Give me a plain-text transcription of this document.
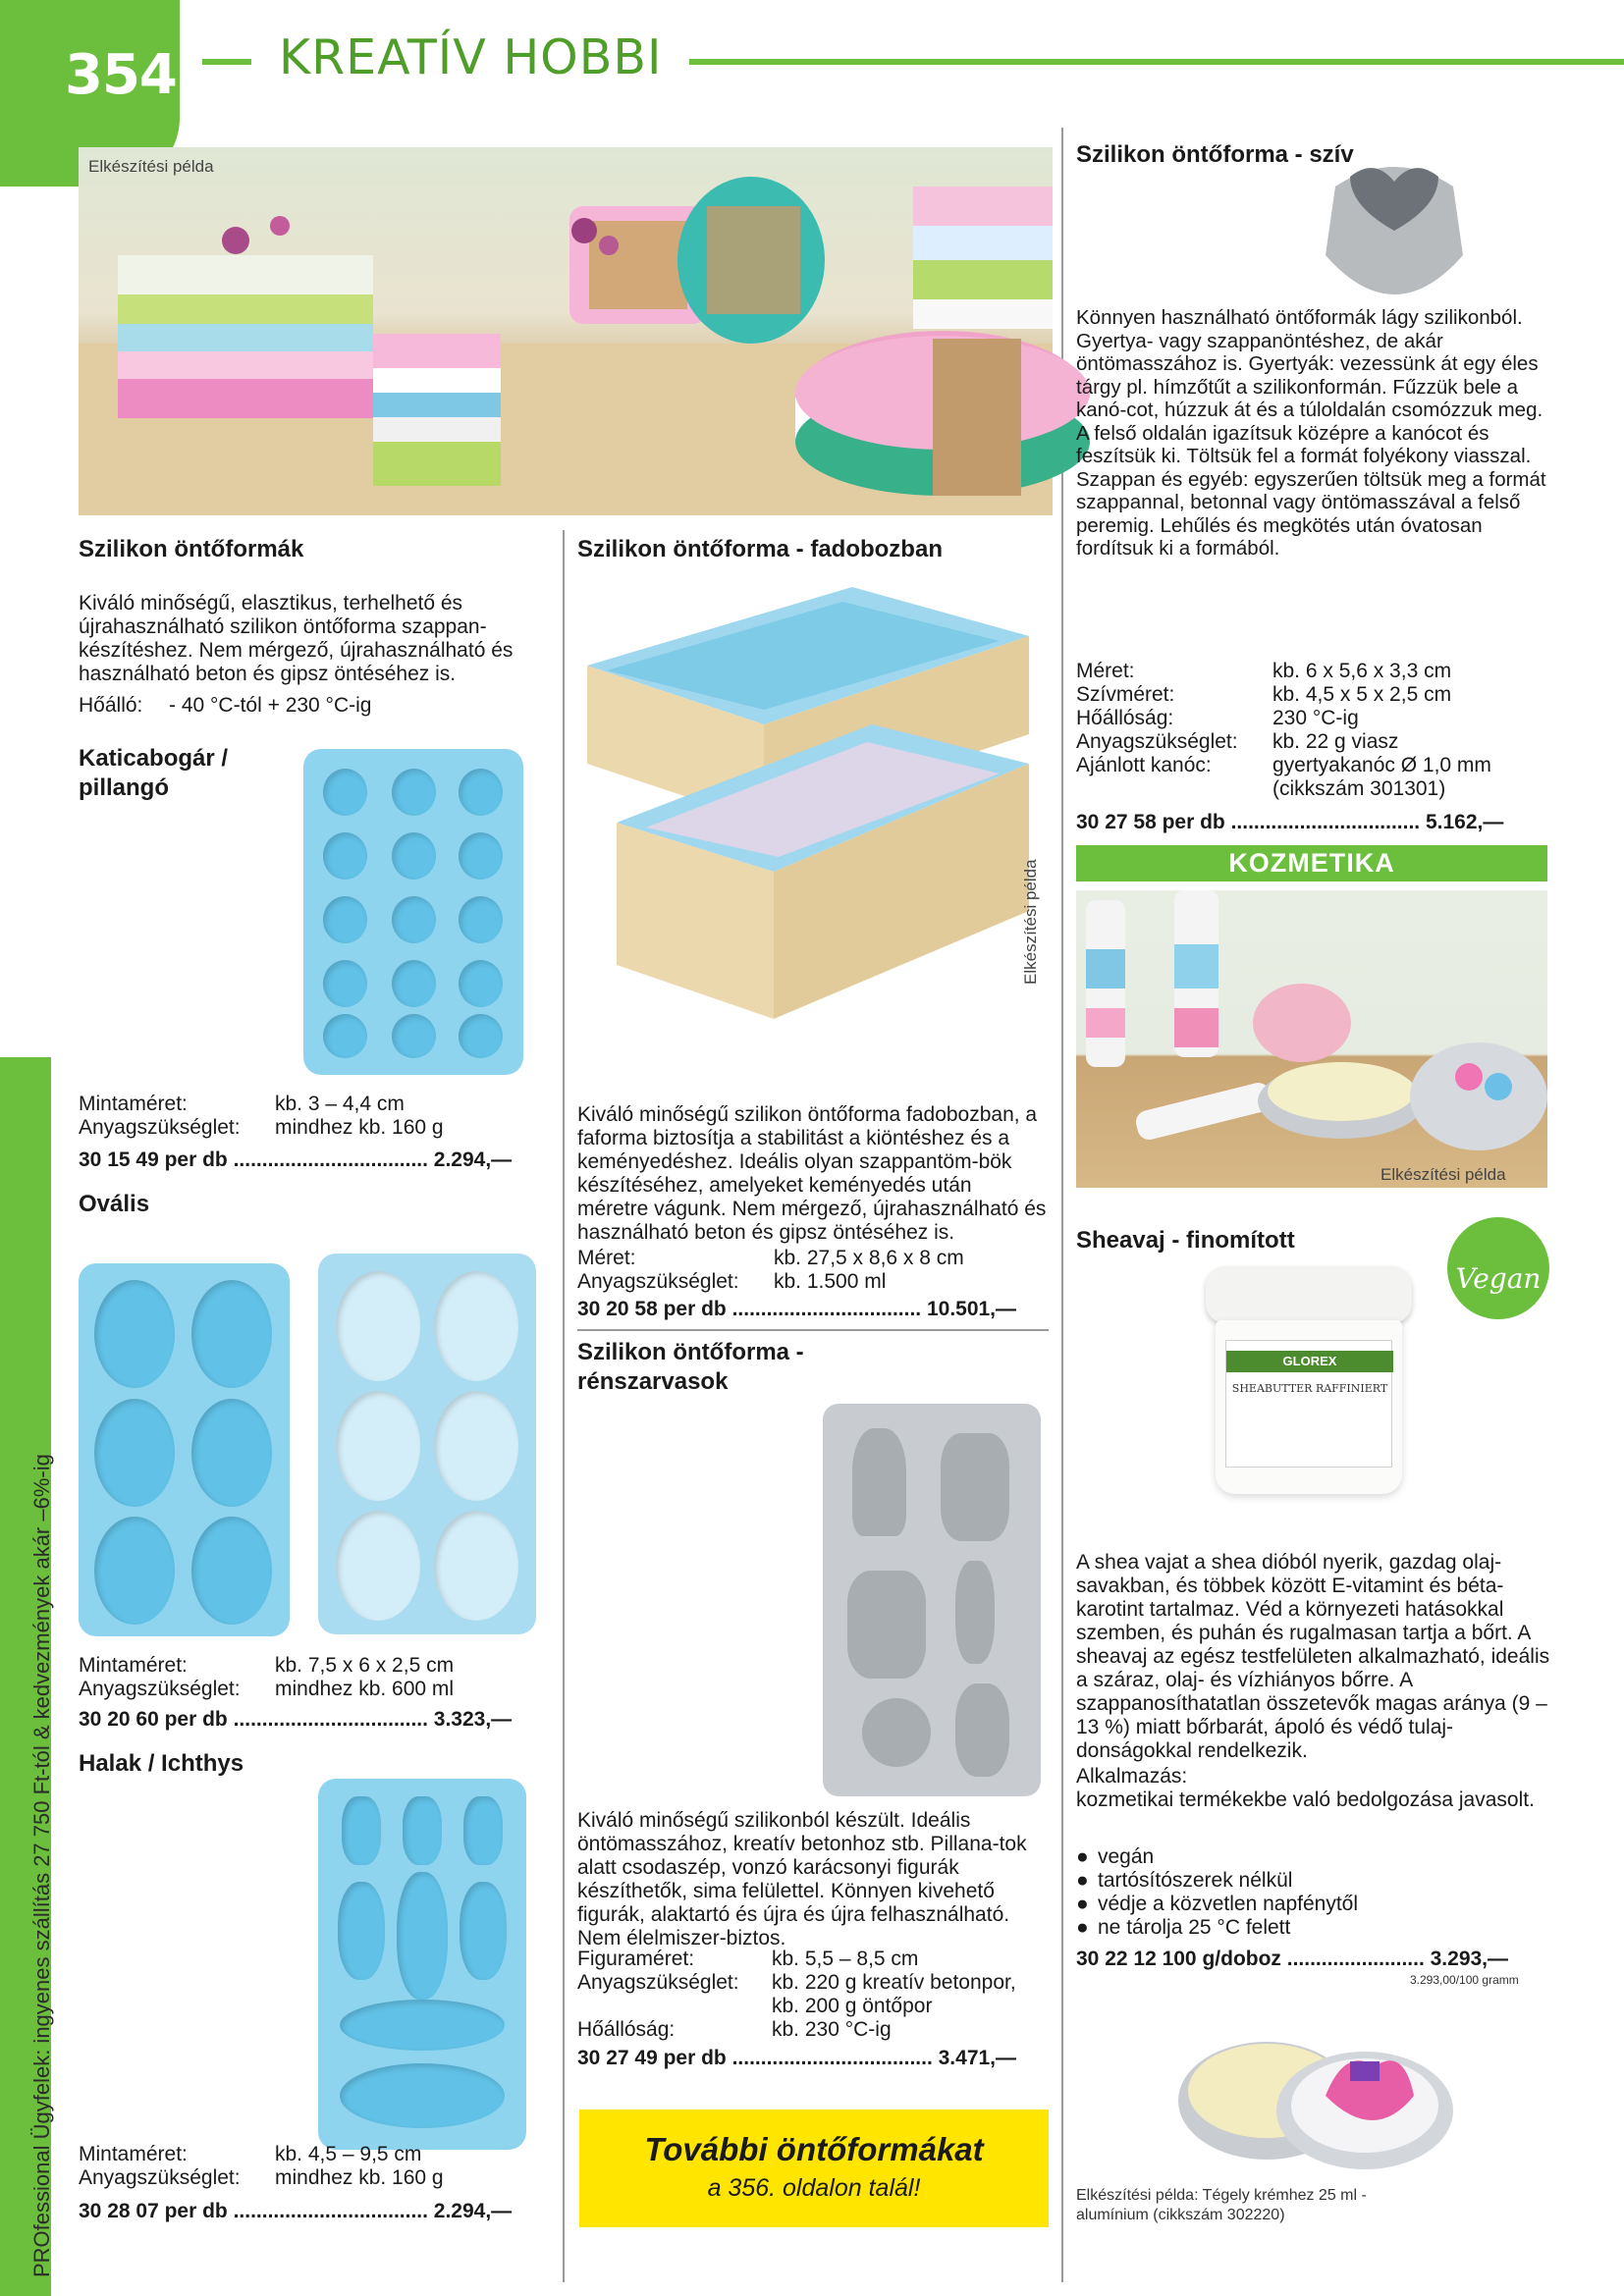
354 KREATÍV HOBBI
PROfessional Ügyfelek: ingyenes szállítás 27 750 Ft-tól & kedvezmények akár –6%-ig
Elkészítési példa
Szilikon öntőformák
Kiváló minőségű, elasztikus, terhelhető és újrahasználható szilikon öntőforma szappan-készítéshez. Nem mérgező, újrahasználható és használható beton és gipsz öntéséhez is.
Hőálló:	- 40 °C-tól + 230 °C-ig
Katicabogár / pillangó
Mintaméret:	kb. 3 – 4,4 cm
Anyagszükséglet:	mindhez kb. 160 g
30 15 49 per db .................................. 2.294,—
Ovális
Mintaméret:	kb. 7,5 x 6 x 2,5 cm
Anyagszükséglet:	mindhez kb. 600 ml
30 20 60 per db .................................. 3.323,—
Halak / Ichthys
Mintaméret:	kb. 4,5 – 9,5 cm
Anyagszükséglet:	mindhez kb. 160 g
30 28 07 per db .................................. 2.294,—
Szilikon öntőforma - fadobozban
Elkészítési példa
Kiváló minőségű szilikon öntőforma fadobozban, a faforma biztosítja a stabilitást a kiöntéshez és a keményedéshez. Ideális olyan szappantöm-bök készítéséhez, amelyeket keményedés után méretre vágunk. Nem mérgező, újrahasználható és használható beton és gipsz öntéséhez is.
Méret:	kb. 27,5 x 8,6 x 8 cm
Anyagszükséglet:	kb. 1.500 ml
30 20 58 per db ................................. 10.501,—
Szilikon öntőforma - rénszarvasok
Kiváló minőségű szilikonból készült. Ideális öntömasszához, kreatív betonhoz stb. Pillana-tok alatt csodaszép, vonzó karácsonyi figurák készíthetők, sima felülettel. Könnyen kivehető figurák, alaktartó és újra és újra felhasználható. Nem élelmiszer-biztos.
Figuraméret:	kb. 5,5 – 8,5 cm
Anyagszükséglet:	kb. 220 g kreatív betonpor, kb. 200 g öntőpor
Hőállóság:	kb. 230 °C-ig
30 27 49 per db ................................... 3.471,—
További öntőformákat
a 356. oldalon talál!
Szilikon öntőforma - szív
Könnyen használható öntőformák lágy szilikonból. Gyertya- vagy szappanöntéshez, de akár öntömasszához is. Gyertyák: vezessünk át egy éles tárgy pl. hímzőtűt a szilikonformán. Fűzzük bele a kanó-cot, húzzuk át és a túloldalán csomózzuk meg. A felső oldalán igazítsuk középre a kanócot és feszítsük ki. Töltsük fel a formát folyékony viasszal. Szappan és egyéb: egyszerűen töltsük meg a formát szappannal, betonnal vagy öntömasszával a felső peremig. Lehűlés és megkötés után óvatosan fordítsuk ki a formából.
Méret:	kb. 6 x 5,6 x 3,3 cm
Szívméret:	kb. 4,5 x 5 x 2,5 cm
Hőállóság:	230 °C-ig
Anyagszükséglet:	kb. 22 g viasz
Ajánlott kanóc:	gyertyakanóc Ø 1,0 mm (cikkszám 301301)
30 27 58 per db ................................. 5.162,—
KOZMETIKA
Elkészítési példa
Sheavaj - finomított
Vegan
GLOREX
SHEABUTTER RAFFINIERT
A shea vajat a shea dióból nyerik, gazdag olaj-savakban, és többek között E-vitamint és béta-karotint tartalmaz. Véd a környezeti hatásokkal szemben, és puhán és rugalmasan tartja a bőrt. A sheavaj az egész testfelületen alkalmazható, ideális a száraz, olaj- és vízhiányos bőrre. A szappanosíthatatlan összetevők magas aránya (9 – 13 %) miatt bőrbarát, ápoló és védő tulaj-donságokkal rendelkezik.
Alkalmazás:
kozmetikai termékekbe való bedolgozása javasolt.
● vegán
● tartósítószerek nélkül
● védje a közvetlen napfénytől
● ne tárolja 25 °C felett
30 22 12 100 g/doboz ........................ 3.293,—
3.293,00/100 gramm
Elkészítési példa: Tégely krémhez 25 ml - alumínium (cikkszám 302220)
